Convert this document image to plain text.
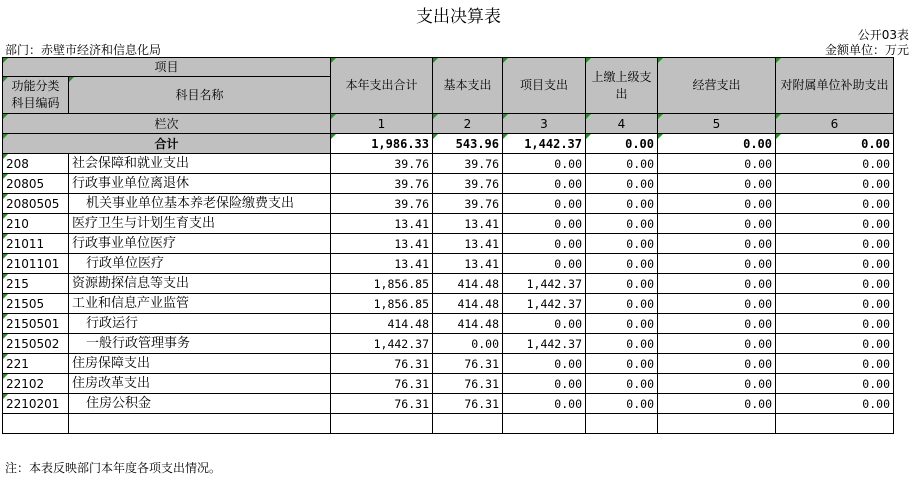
支出决算表
公开03表
部门：赤壁市经济和信息化局	金额单位：万元
项目		本年支出合计	基本支出	项目支出	上缴上级支出	经营支出	对附属单位补助支出
功能分类科目编码	科目名称						

栏次		1	2	3	4	5	6
合计		1,986.33	543.96	1,442.37	0.00	0.00	0.00
208	社会保障和就业支出	39.76	39.76	0.00	0.00	0.00	0.00
20805	行政事业单位离退休	39.76	39.76	0.00	0.00	0.00	0.00
2080505	机关事业单位基本养老保险缴费支出	39.76	39.76	0.00	0.00	0.00	0.00
210	医疗卫生与计划生育支出	13.41	13.41	0.00	0.00	0.00	0.00
21011	行政事业单位医疗	13.41	13.41	0.00	0.00	0.00	0.00
2101101	行政单位医疗	13.41	13.41	0.00	0.00	0.00	0.00
215	资源勘探信息等支出	1,856.85	414.48	1,442.37	0.00	0.00	0.00
21505	工业和信息产业监管	1,856.85	414.48	1,442.37	0.00	0.00	0.00
2150501	行政运行	414.48	414.48	0.00	0.00	0.00	0.00
2150502	一般行政管理事务	1,442.37	0.00	1,442.37	0.00	0.00	0.00
221	住房保障支出	76.31	76.31	0.00	0.00	0.00	0.00
22102	住房改革支出	76.31	76.31	0.00	0.00	0.00	0.00
2210201	住房公积金	76.31	76.31	0.00	0.00	0.00	0.00

注：本表反映部门本年度各项支出情况。
